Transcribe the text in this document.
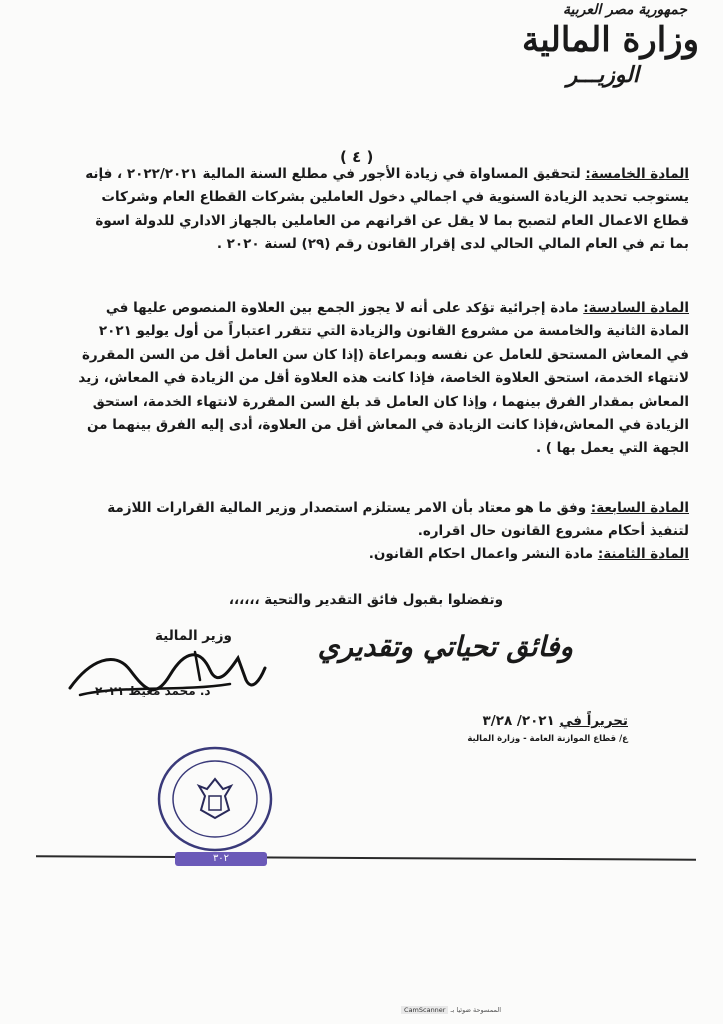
جمهورية مصر العربية
وزارة المالية
الوزيـــر
( ٤ )
المادة الخامسة: لتحقيق المساواة في زيادة الأجور في مطلع السنة المالية ٢٠٢٢/٢٠٢١ ، فإنه يستوجب تحديد الزيادة السنوية في اجمالي دخول العاملين بشركات القطاع العام وشركات قطاع الاعمال العام لتصبح بما لا يقل عن اقرانهم من العاملين بالجهاز الاداري للدولة اسوة بما تم في العام المالي الحالي لدى إقرار القانون رقم (٢٩) لسنة ٢٠٢٠ .
المادة السادسة: مادة إجرائية تؤكد على أنه لا يجوز الجمع بين العلاوة المنصوص عليها في المادة الثانية والخامسة من مشروع القانون والزيادة التي تتقرر اعتباراً من أول يوليو ٢٠٢١ في المعاش المستحق للعامل عن نفسه وبمراعاة (إذا كان سن العامل أقل من السن المقررة لانتهاء الخدمة، استحق العلاوة الخاصة، فإذا كانت هذه العلاوة أقل من الزيادة في المعاش، زيد المعاش بمقدار الفرق بينهما ، وإذا كان العامل قد بلغ السن المقررة لانتهاء الخدمة، استحق الزيادة في المعاش،فإذا كانت الزيادة في المعاش أقل من العلاوة، أدى إليه الفرق بينهما من الجهة التي يعمل بها ) .
المادة السابعة: وفق ما هو معتاد بأن الامر يستلزم استصدار وزير المالية القرارات اللازمة لتنفيذ أحكام مشروع القانون حال اقراره.
المادة الثامنة: مادة النشر واعمال احكام القانون.
وتفضلوا بقبول فائق التقدير والتحية ،،،،،،
وفائق تحياتي وتقديري
وزير المالية
د. محمد معيط ٢٠٢١
تحريراً في ٢٠٢١/ ٣/٢٨
ع/ قطاع الموازنة العامة - وزارة المالية
٣٠٢
الممسوحة ضوئيا بـ CamScanner
